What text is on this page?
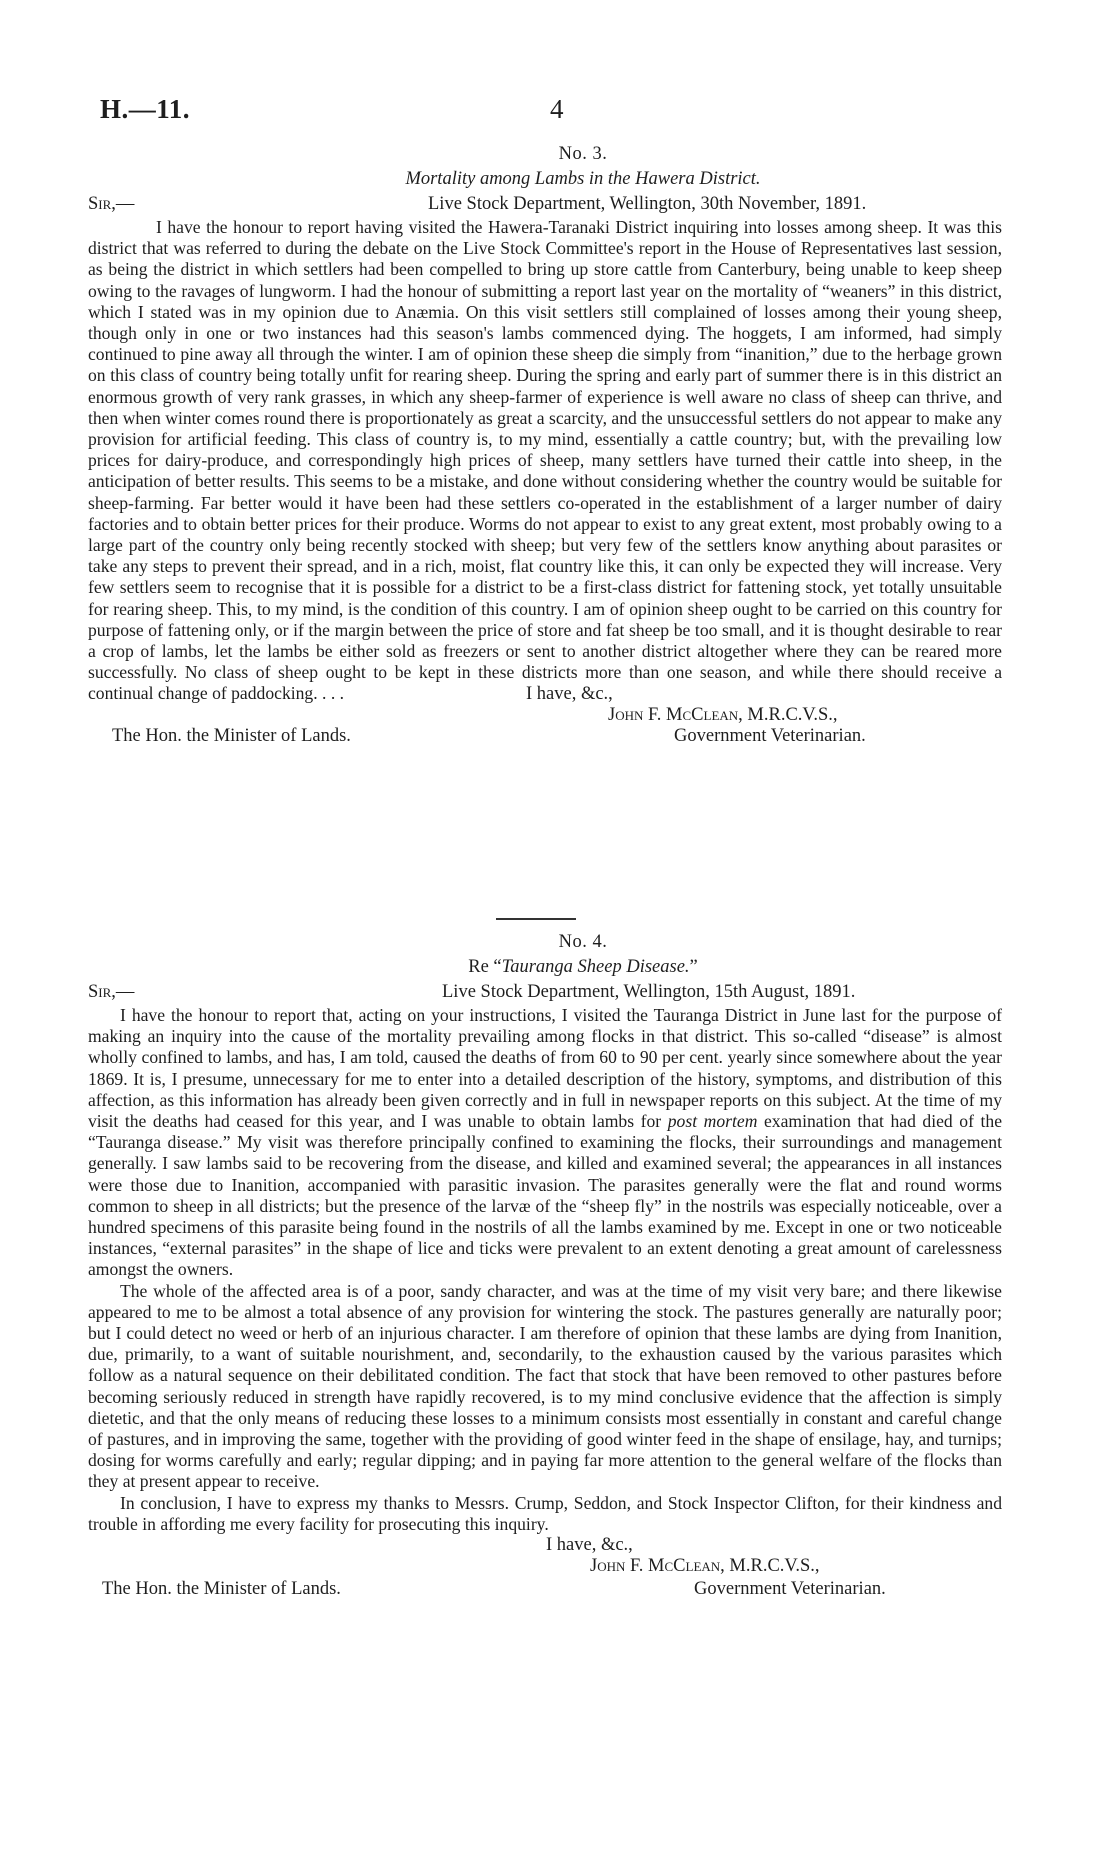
H.—11.	4
No. 3.
Mortality among Lambs in the Hawera District.
Sir,—	Live Stock Department, Wellington, 30th November, 1891.

I have the honour to report having visited the Hawera-Taranaki District inquiring into losses among sheep. It was this district that was referred to during the debate on the Live Stock Committee's report in the House of Representatives last session, as being the district in which settlers had been compelled to bring up store cattle from Canterbury, being unable to keep sheep owing to the ravages of lungworm. I had the honour of submitting a report last year on the mortality of “weaners” in this district, which I stated was in my opinion due to Anæmia. On this visit settlers still complained of losses among their young sheep, though only in one or two instances had this season's lambs commenced dying. The hoggets, I am informed, had simply continued to pine away all through the winter. I am of opinion these sheep die simply from “inanition,” due to the herbage grown on this class of country being totally unfit for rearing sheep. During the spring and early part of summer there is in this district an enormous growth of very rank grasses, in which any sheep-farmer of experience is well aware no class of sheep can thrive, and then when winter comes round there is proportionately as great a scarcity, and the unsuccessful settlers do not appear to make any provision for artificial feeding. This class of country is, to my mind, essentially a cattle country; but, with the prevailing low prices for dairy-produce, and correspondingly high prices of sheep, many settlers have turned their cattle into sheep, in the anticipation of better results. This seems to be a mistake, and done without considering whether the country would be suitable for sheep-farming. Far better would it have been had these settlers co-operated in the establishment of a larger number of dairy factories and to obtain better prices for their produce. Worms do not appear to exist to any great extent, most probably owing to a large part of the country only being recently stocked with sheep; but very few of the settlers know anything about parasites or take any steps to prevent their spread, and in a rich, moist, flat country like this, it can only be expected they will increase. Very few settlers seem to recognise that it is possible for a district to be a first-class district for fattening stock, yet totally unsuitable for rearing sheep. This, to my mind, is the condition of this country. I am of opinion sheep ought to be carried on this country for purpose of fattening only, or if the margin between the price of store and fat sheep be too small, and it is thought desirable to rear a crop of lambs, let the lambs be either sold as freezers or sent to another district altogether where they can be reared more successfully. No class of sheep ought to be kept in these districts more than one season, and while there should receive a continual change of paddocking. . . .	I have, &c.,
John F. McClean, M.R.C.V.S.,
The Hon. the Minister of Lands.	Government Veterinarian.
No. 4.
Re “Tauranga Sheep Disease.”
Sir,—	Live Stock Department, Wellington, 15th August, 1891.

I have the honour to report that, acting on your instructions, I visited the Tauranga District in June last for the purpose of making an inquiry into the cause of the mortality prevailing among flocks in that district. This so-called “disease” is almost wholly confined to lambs, and has, I am told, caused the deaths of from 60 to 90 per cent. yearly since somewhere about the year 1869. It is, I presume, unnecessary for me to enter into a detailed description of the history, symptoms, and distribution of this affection, as this information has already been given correctly and in full in newspaper reports on this subject. At the time of my visit the deaths had ceased for this year, and I was unable to obtain lambs for post mortem examination that had died of the “Tauranga disease.” My visit was therefore principally confined to examining the flocks, their surroundings and management generally. I saw lambs said to be recovering from the disease, and killed and examined several; the appearances in all instances were those due to Inanition, accompanied with parasitic invasion. The parasites generally were the flat and round worms common to sheep in all districts; but the presence of the larvæ of the “sheep fly” in the nostrils was especially noticeable, over a hundred specimens of this parasite being found in the nostrils of all the lambs examined by me. Except in one or two noticeable instances, “external parasites” in the shape of lice and ticks were prevalent to an extent denoting a great amount of carelessness amongst the owners.

The whole of the affected area is of a poor, sandy character, and was at the time of my visit very bare; and there likewise appeared to me to be almost a total absence of any provision for wintering the stock. The pastures generally are naturally poor; but I could detect no weed or herb of an injurious character. I am therefore of opinion that these lambs are dying from Inanition, due, primarily, to a want of suitable nourishment, and, secondarily, to the exhaustion caused by the various parasites which follow as a natural sequence on their debilitated condition. The fact that stock that have been removed to other pastures before becoming seriously reduced in strength have rapidly recovered, is to my mind conclusive evidence that the affection is simply dietetic, and that the only means of reducing these losses to a minimum consists most essentially in constant and careful change of pastures, and in improving the same, together with the providing of good winter feed in the shape of ensilage, hay, and turnips; dosing for worms carefully and early; regular dipping; and in paying far more attention to the general welfare of the flocks than they at present appear to receive.

In conclusion, I have to express my thanks to Messrs. Crump, Seddon, and Stock Inspector Clifton, for their kindness and trouble in affording me every facility for prosecuting this inquiry.

I have, &c.,
John F. McClean, M.R.C.V.S.,
The Hon. the Minister of Lands.	Government Veterinarian.
